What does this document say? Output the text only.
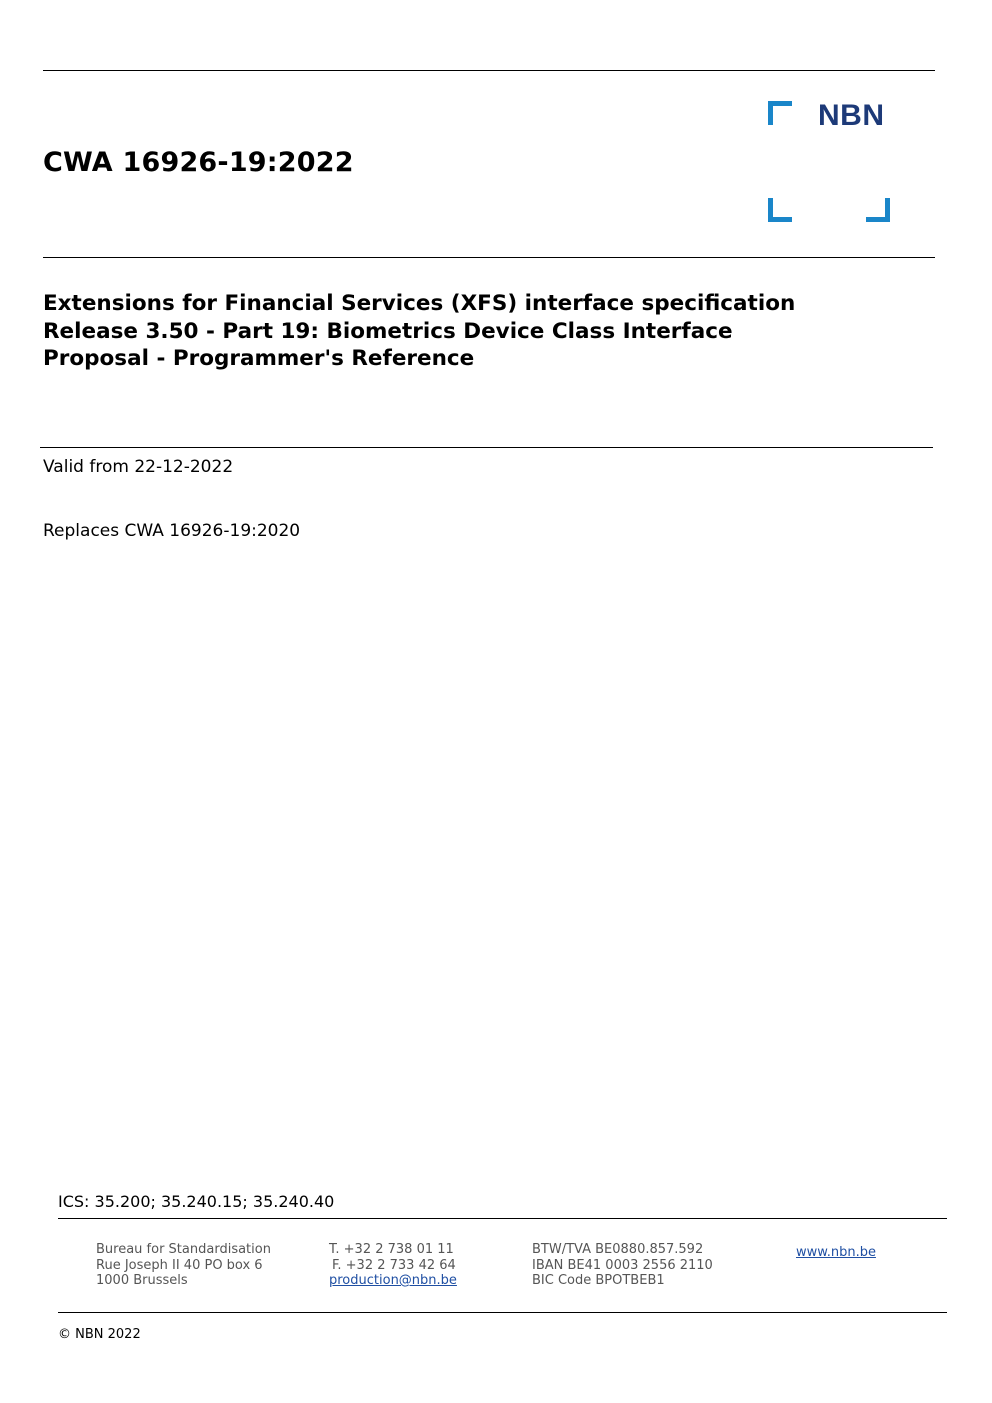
CWA 16926-19:2022
NBN
Extensions for Financial Services (XFS) interface specification
Release 3.50 - Part 19: Biometrics Device Class Interface
Proposal - Programmer's Reference
Valid from 22-12-2022
Replaces CWA 16926-19:2020
ICS: 35.200; 35.240.15; 35.240.40
Bureau for Standardisation
Rue Joseph II 40 PO box 6
1000 Brussels
T. +32 2 738 01 11
F. +32 2 733 42 64
production@nbn.be
BTW/TVA BE0880.857.592
IBAN BE41 0003 2556 2110
BIC Code BPOTBEB1
www.nbn.be
© NBN 2022
